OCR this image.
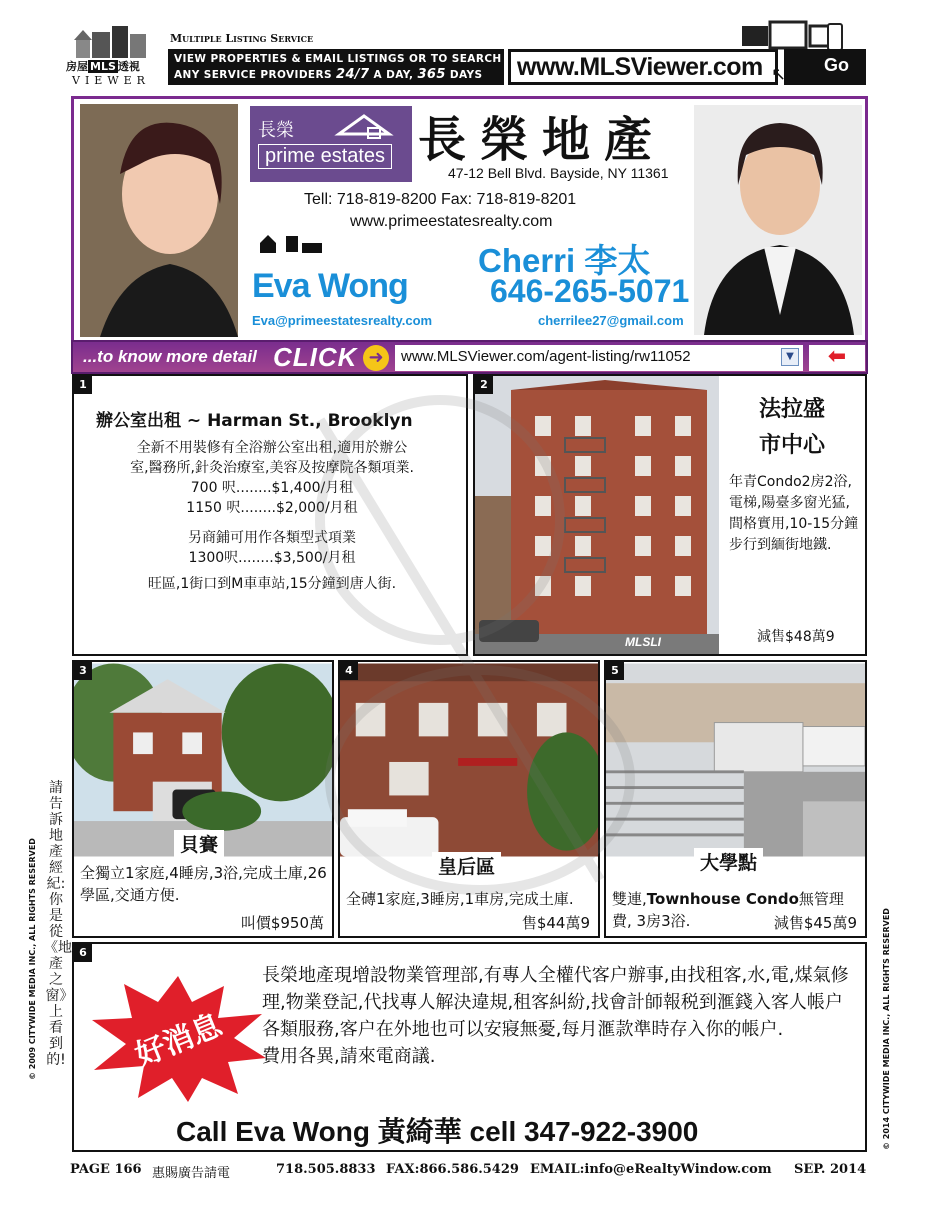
房屋 MLS 透視
VIEWER
Multiple Listing Service
VIEW PROPERTIES & EMAIL LISTINGS OR TO SEARCH
ANY SERVICE PROVIDERS 24/7 A DAY, 365 DAYS	www.MLSViewer.com	Go
↖
長榮
prime estates 長榮地產
47-12 Bell Blvd. Bayside, NY 11361
Tell: 718-819-8200 Fax: 718-819-8201
www.primeestatesrealty.com
Eva Wong
Eva@primeestatesrealty.com
Cherri 李太
646-265-5071
cherrilee27@gmail.com
...to know more detail CLICK ➜	www.MLSViewer.com/agent-listing/rw11052	▼	⬅
1
辦公室出租 ~ Harman St., Brooklyn

全新不用裝修有全浴辦公室出租,適用於辦公

室,醫務所,針灸治療室,美容及按摩院各類項業.

700 呎........$1,400/月租

1150 呎........$2,000/月租

另商鋪可用作各類型式項業

1300呎........$3,500/月租

旺區,1街口到M車車站,15分鐘到唐人街.

2
MLSLI
法拉盛
市中心
年青Condo2房2浴,電梯,陽臺多窗光猛,間格實用,10-15分鐘步行到緬街地鐵.
減售$48萬9
3
貝賽
全獨立1家庭,4睡房,3浴,完成土庫,26學區,交通方便.
叫價$950萬
4
皇后區
全磚1家庭,3睡房,1車房,完成土庫.
售$44萬9
5
大學點
雙連,Townhouse Condo無管理費, 3房3浴.	減售$45萬9
6
好消息
長榮地產現增設物業管理部,有專人全權代客户辦事,由找租客,水,電,煤氣修理,物業登記,代找專人解決違規,租客糾紛,找會計師報税到滙錢入客人帳户各類服務,客户在外地也可以安寢無憂,每月滙款準時存入你的帳户.
費用各異,請來電商議.
Call Eva Wong 黃綺華 cell 347-922-3900
請告訴地產經紀:你是從《地產之窗》上看到的!
© 2009 CITYWIDE MEDIA INC., ALL RIGHTS RESERVED	© 2014 CITYWIDE MEDIA INC., ALL RIGHTS RESERVED
PAGE 166 惠賜廣告請電	718.505.8833 FAX:866.586.5429 EMAIL:info@eRealtyWindow.com SEP. 2014
